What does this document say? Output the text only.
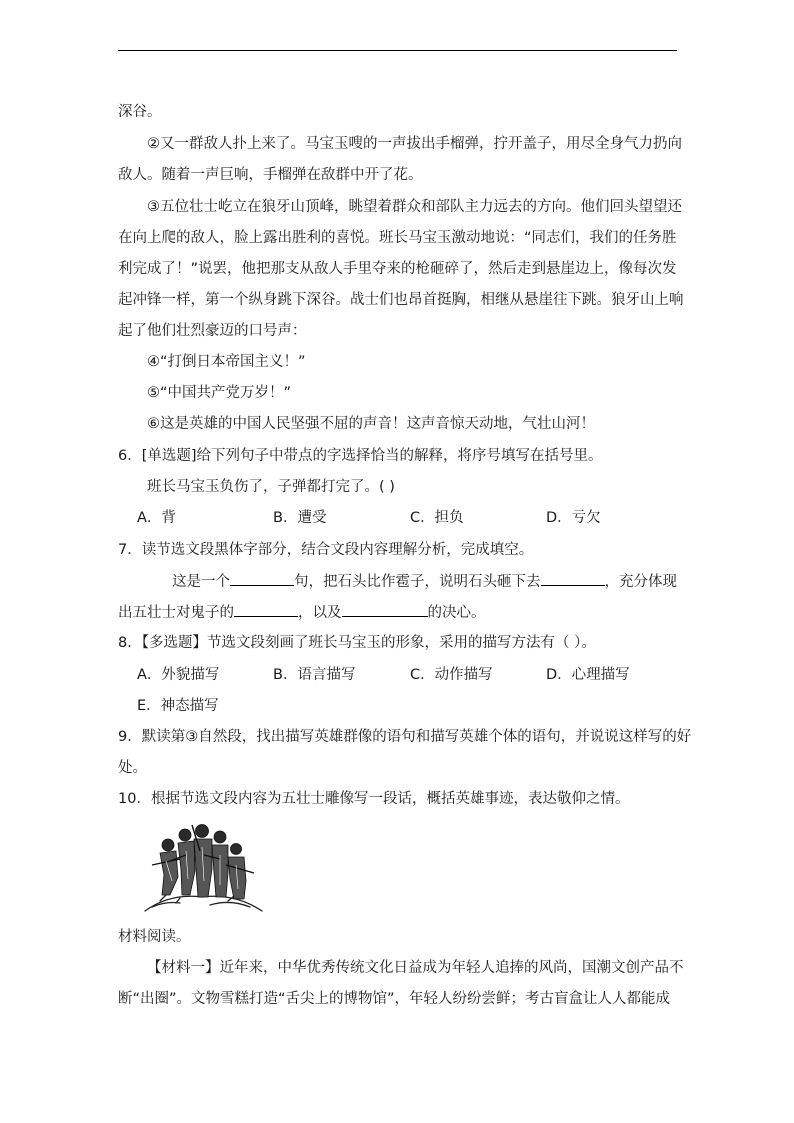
深谷。
②又一群敌人扑上来了。马宝玉嗖的一声拔出手榴弹，拧开盖子，用尽全身气力扔向
敌人。随着一声巨响，手榴弹在敌群中开了花。
③五位壮士屹立在狼牙山顶峰，眺望着群众和部队主力远去的方向。他们回头望望还
在向上爬的敌人，脸上露出胜利的喜悦。班长马宝玉激动地说：“同志们，我们的任务胜
利完成了！”说罢，他把那支从敌人手里夺来的枪砸碎了，然后走到悬崖边上，像每次发
起冲锋一样，第一个纵身跳下深谷。战士们也昂首挺胸，相继从悬崖往下跳。狼牙山上响
起了他们壮烈豪迈的口号声：
④“打倒日本帝国主义！”
⑤“中国共产党万岁！”
⑥这是英雄的中国人民坚强不屈的声音！这声音惊天动地，气壮山河！
6．[单选题]给下列句子中带点的字选择恰当的解释，将序号填写在括号里。
班长马宝玉负伤了，子弹都打完了。( )
A．背	B．遭受	C．担负	D．亏欠
7．读节选文段黑体字部分，结合文段内容理解分析，完成填空。
这是一个	句，把石头比作雹子，说明石头砸下去	，充分体现
出五壮士对鬼子的	，以及	的决心。
8．【多选题】节选文段刻画了班长马宝玉的形象，采用的描写方法有（ ）。
A．外貌描写	B．语言描写	C．动作描写	D．心理描写
E．神态描写
9．默读第③自然段，找出描写英雄群像的语句和描写英雄个体的语句，并说说这样写的好
处。
10．根据节选文段内容为五壮士雕像写一段话，概括英雄事迹，表达敬仰之情。
材料阅读。
【材料一】近年来，中华优秀传统文化日益成为年轻人追捧的风尚，国潮文创产品不
断“出圈”。文物雪糕打造“舌尖上的博物馆”，年轻人纷纷尝鲜；考古盲盒让人人都能成
